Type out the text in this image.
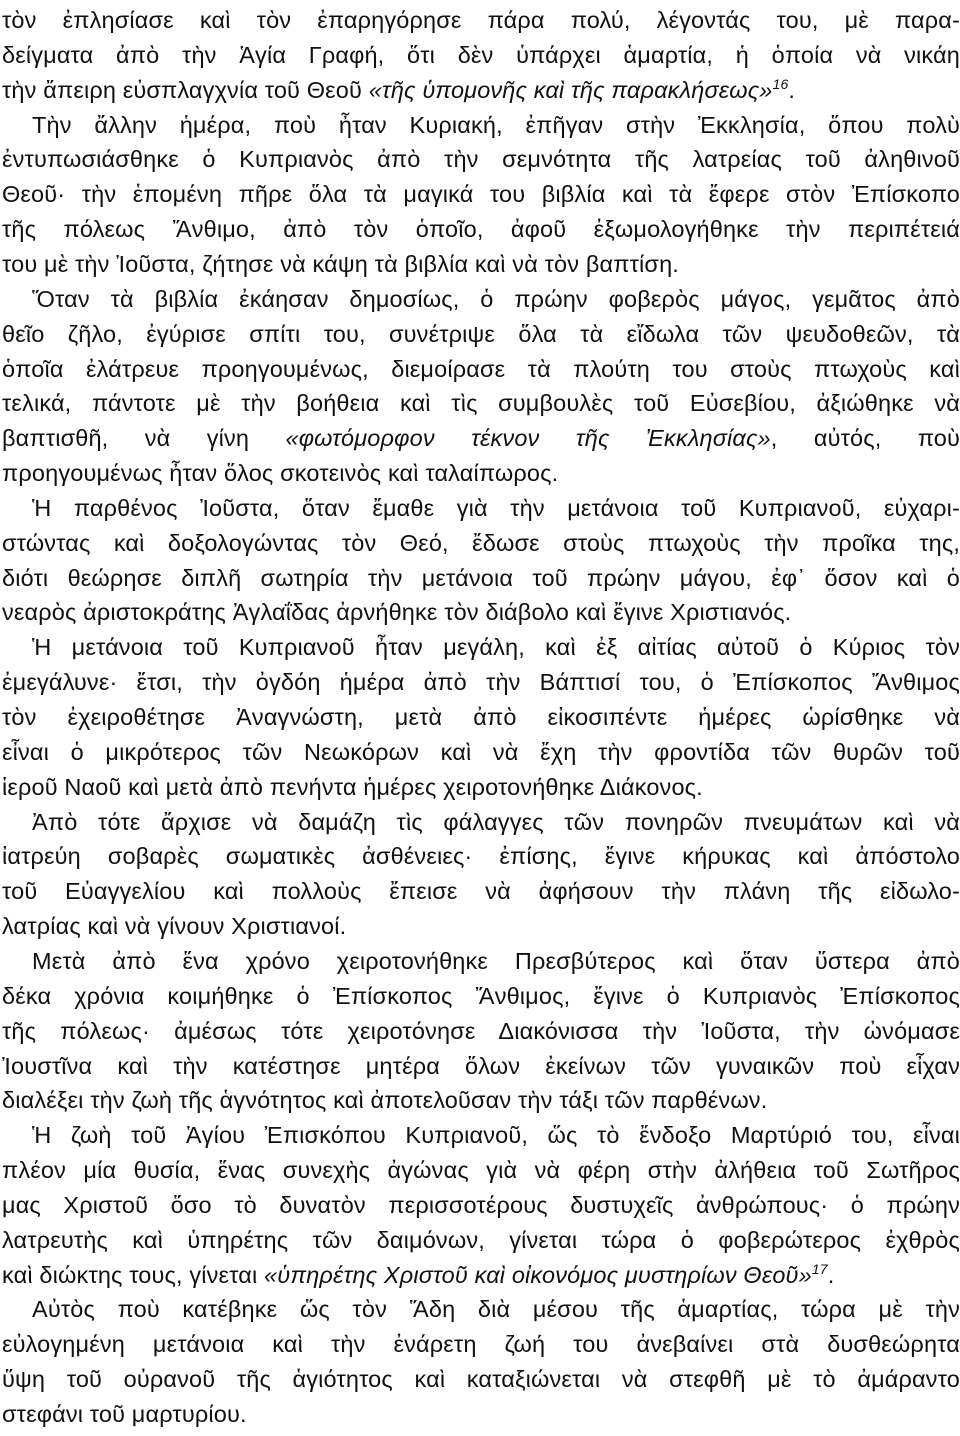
τὸν ἐπλησίασε καὶ τὸν ἐπαρηγόρησε πάρα πολύ, λέγοντάς του, μὲ παρα-
δείγματα ἀπὸ τὴν Ἁγία Γραφή, ὅτι δὲν ὑπάρχει ἁμαρτία, ἡ ὁποία νὰ νικάη
τὴν ἄπειρη εὐσπλαγχνία τοῦ Θεοῦ «τῆς ὑπομονῆς καὶ τῆς παρακλήσεως»$^{16}$.
Τὴν ἄλλην ἡμέρα, ποὺ ἦταν Κυριακή, ἐπῆγαν στὴν Ἐκκλησία, ὅπου πολὺ
ἐντυπωσιάσθηκε ὁ Κυπριανὸς ἀπὸ τὴν σεμνότητα τῆς λατρείας τοῦ ἀληθινοῦ
Θεοῦ· τὴν ἑπομένη πῆρε ὅλα τὰ μαγικά του βιβλία καὶ τὰ ἔφερε στὸν Ἐπίσκοπο
τῆς πόλεως Ἄνθιμο, ἀπὸ τὸν ὁποῖο, ἀφοῦ ἐξωμολογήθηκε τὴν περιπέτειά
του μὲ τὴν Ἰοῦστα, ζήτησε νὰ κάψη τὰ βιβλία καὶ νὰ τὸν βαπτίση.
Ὅταν τὰ βιβλία ἐκάησαν δημοσίως, ὁ πρώην φοβερὸς μάγος, γεμᾶτος ἀπὸ
θεῖο ζῆλο, ἐγύρισε σπίτι του, συνέτριψε ὅλα τὰ εἴδωλα τῶν ψευδοθεῶν, τὰ
ὁποῖα ἐλάτρευε προηγουμένως, διεμοίρασε τὰ πλούτη του στοὺς πτωχοὺς καὶ
τελικά, πάντοτε μὲ τὴν βοήθεια καὶ τὶς συμβουλὲς τοῦ Εὐσεβίου, ἀξιώθηκε νὰ
βαπτισθῆ, νὰ γίνη «φωτόμορφον τέκνον τῆς Ἐκκλησίας», αὐτός, ποὺ
προηγουμένως ἦταν ὅλος σκοτεινὸς καὶ ταλαίπωρος.
Ἡ παρθένος Ἰοῦστα, ὅταν ἔμαθε γιὰ τὴν μετάνοια τοῦ Κυπριανοῦ, εὐχαρι-
στώντας καὶ δοξολογώντας τὸν Θεό, ἔδωσε στοὺς πτωχοὺς τὴν προῖκα της,
διότι θεώρησε διπλῆ σωτηρία τὴν μετάνοια τοῦ πρώην μάγου, ἐφ᾽ ὅσον καὶ ὁ
νεαρὸς ἀριστοκράτης Ἀγλαΐδας ἀρνήθηκε τὸν διάβολο καὶ ἔγινε Χριστιανός.
Ἡ μετάνοια τοῦ Κυπριανοῦ ἦταν μεγάλη, καὶ ἐξ αἰτίας αὐτοῦ ὁ Κύριος τὸν
ἐμεγάλυνε· ἔτσι, τὴν ὀγδόη ἡμέρα ἀπὸ τὴν Βάπτισί του, ὁ Ἐπίσκοπος Ἄνθιμος
τὸν ἐχειροθέτησε Ἀναγνώστη, μετὰ ἀπὸ εἰκοσιπέντε ἡμέρες ὡρίσθηκε νὰ
εἶναι ὁ μικρότερος τῶν Νεωκόρων καὶ νὰ ἔχη τὴν φροντίδα τῶν θυρῶν τοῦ
ἱεροῦ Ναοῦ καὶ μετὰ ἀπὸ πενήντα ἡμέρες χειροτονήθηκε Διάκονος.
Ἀπὸ τότε ἄρχισε νὰ δαμάζη τὶς φάλαγγες τῶν πονηρῶν πνευμάτων καὶ νὰ
ἰατρεύη σοβαρὲς σωματικὲς ἀσθένειες· ἐπίσης, ἔγινε κήρυκας καὶ ἀπόστολο
τοῦ Εὐαγγελίου καὶ πολλοὺς ἔπεισε νὰ ἀφήσουν τὴν πλάνη τῆς εἰδωλο-
λατρίας καὶ νὰ γίνουν Χριστιανοί.
Μετὰ ἀπὸ ἕνα χρόνο χειροτονήθηκε Πρεσβύτερος καὶ ὅταν ὕστερα ἀπὸ
δέκα χρόνια κοιμήθηκε ὁ Ἐπίσκοπος Ἄνθιμος, ἔγινε ὁ Κυπριανὸς Ἐπίσκοπος
τῆς πόλεως· ἀμέσως τότε χειροτόνησε Διακόνισσα τὴν Ἰοῦστα, τὴν ὠνόμασε
Ἰουστῖνα καὶ τὴν κατέστησε μητέρα ὅλων ἐκείνων τῶν γυναικῶν ποὺ εἶχαν
διαλέξει τὴν ζωὴ τῆς ἁγνότητος καὶ ἀποτελοῦσαν τὴν τάξι τῶν παρθένων.
Ἡ ζωὴ τοῦ Ἁγίου Ἐπισκόπου Κυπριανοῦ, ὥς τὸ ἔνδοξο Μαρτύριό του, εἶναι
πλέον μία θυσία, ἕνας συνεχὴς ἀγώνας γιὰ νὰ φέρη στὴν ἀλήθεια τοῦ Σωτῆρος
μας Χριστοῦ ὅσο τὸ δυνατὸν περισσοτέρους δυστυχεῖς ἀνθρώπους· ὁ πρώην
λατρευτὴς καὶ ὑπηρέτης τῶν δαιμόνων, γίνεται τώρα ὁ φοβερώτερος ἐχθρὸς
καὶ διώκτης τους, γίνεται «ὑπηρέτης Χριστοῦ καὶ οἰκονόμος μυστηρίων Θεοῦ»$^{17}$.
Αὐτὸς ποὺ κατέβηκε ὥς τὸν Ἅδη διὰ μέσου τῆς ἁμαρτίας, τώρα μὲ τὴν
εὐλογημένη μετάνοια καὶ τὴν ἐνάρετη ζωή του ἀνεβαίνει στὰ δυσθεώρητα
ὕψη τοῦ οὐρανοῦ τῆς ἁγιότητος καὶ καταξιώνεται νὰ στεφθῆ μὲ τὸ ἀμάραντο
στεφάνι τοῦ μαρτυρίου.
